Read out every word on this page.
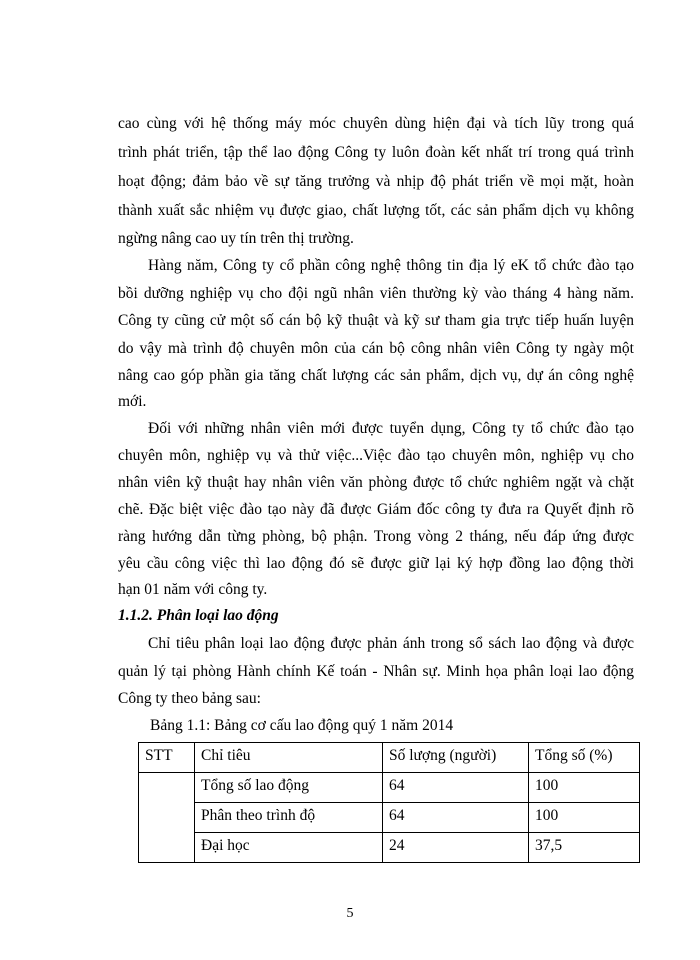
cao cùng với hệ thống máy móc chuyên dùng hiện đại và tích lũy trong quá

trình phát triển, tập thể lao động Công ty luôn đoàn kết nhất trí trong quá trình

hoạt động; đảm bảo về sự tăng trưởng và nhịp độ phát triển về mọi mặt, hoàn

thành xuất sắc nhiệm vụ được giao, chất lượng tốt, các sản phẩm dịch vụ không

ngừng nâng cao uy tín trên thị trường.

Hàng năm, Công ty cổ phần công nghệ thông tin địa lý eK tổ chức đào tạo

bồi dưỡng nghiệp vụ cho đội ngũ nhân viên thường kỳ vào tháng 4 hàng năm.

Công ty cũng cử một số cán bộ kỹ thuật và kỹ sư tham gia trực tiếp huấn luyện

do vậy mà trình độ chuyên môn của cán bộ công nhân viên Công ty ngày một

nâng cao góp phần gia tăng chất lượng các sản phẩm, dịch vụ, dự án công nghệ

mới.

Đối với những nhân viên mới được tuyển dụng, Công ty tổ chức đào tạo

chuyên môn, nghiệp vụ và thử việc...Việc đào tạo chuyên môn, nghiệp vụ cho

nhân viên kỹ thuật hay nhân viên văn phòng được tổ chức nghiêm ngặt và chặt

chẽ. Đặc biệt việc đào tạo này đã được Giám đốc công ty đưa ra Quyết định rõ

ràng hướng dẫn từng phòng, bộ phận. Trong vòng 2 tháng, nếu đáp ứng được

yêu cầu công việc thì lao động đó sẽ được giữ lại ký hợp đồng lao động thời

hạn 01 năm với công ty.

1.1.2. Phân loại lao động

Chỉ tiêu phân loại lao động được phản ánh trong sổ sách lao động và được

quản lý tại phòng Hành chính Kế toán - Nhân sự. Minh họa phân loại lao động

Công ty theo bảng sau:

Bảng 1.1: Bảng cơ cấu lao động quý 1 năm 2014

STT	Chỉ tiêu	Số lượng (người)	Tổng số (%)
	Tổng số lao động	64	100
	Phân theo trình độ	64	100
	Đại học	24	37,5
5
